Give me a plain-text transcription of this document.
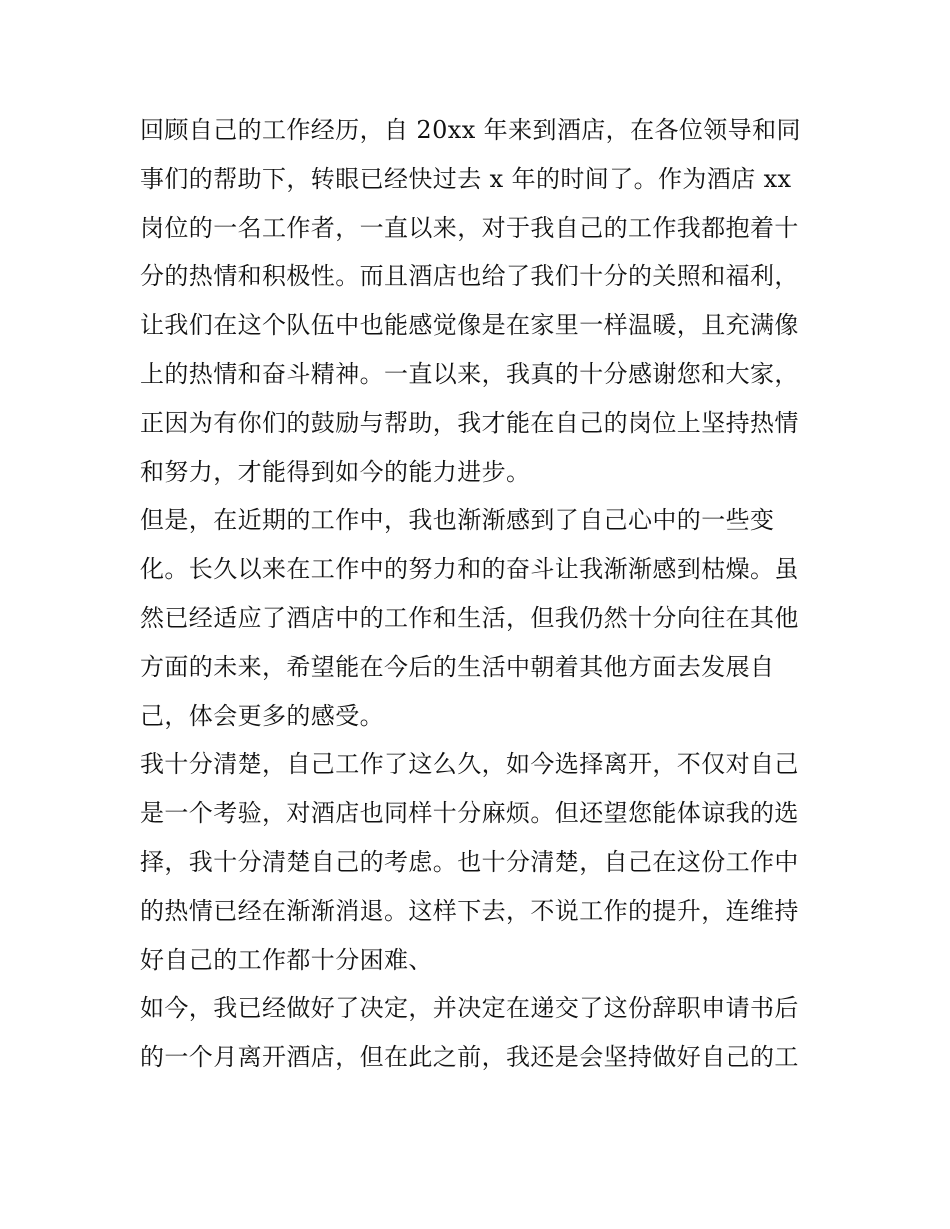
回顾自己的工作经历，自 20xx 年来到酒店，在各位领导和同
事们的帮助下，转眼已经快过去 x 年的时间了。作为酒店 xx
岗位的一名工作者，一直以来，对于我自己的工作我都抱着十
分的热情和积极性。而且酒店也给了我们十分的关照和福利，
让我们在这个队伍中也能感觉像是在家里一样温暖，且充满像
上的热情和奋斗精神。一直以来，我真的十分感谢您和大家，
正因为有你们的鼓励与帮助，我才能在自己的岗位上坚持热情
和努力，才能得到如今的能力进步。
但是，在近期的工作中，我也渐渐感到了自己心中的一些变
化。长久以来在工作中的努力和的奋斗让我渐渐感到枯燥。虽
然已经适应了酒店中的工作和生活，但我仍然十分向往在其他
方面的未来，希望能在今后的生活中朝着其他方面去发展自
己，体会更多的感受。
我十分清楚，自己工作了这么久，如今选择离开，不仅对自己
是一个考验，对酒店也同样十分麻烦。但还望您能体谅我的选
择，我十分清楚自己的考虑。也十分清楚，自己在这份工作中
的热情已经在渐渐消退。这样下去，不说工作的提升，连维持
好自己的工作都十分困难、
如今，我已经做好了决定，并决定在递交了这份辞职申请书后
的一个月离开酒店，但在此之前，我还是会坚持做好自己的工
